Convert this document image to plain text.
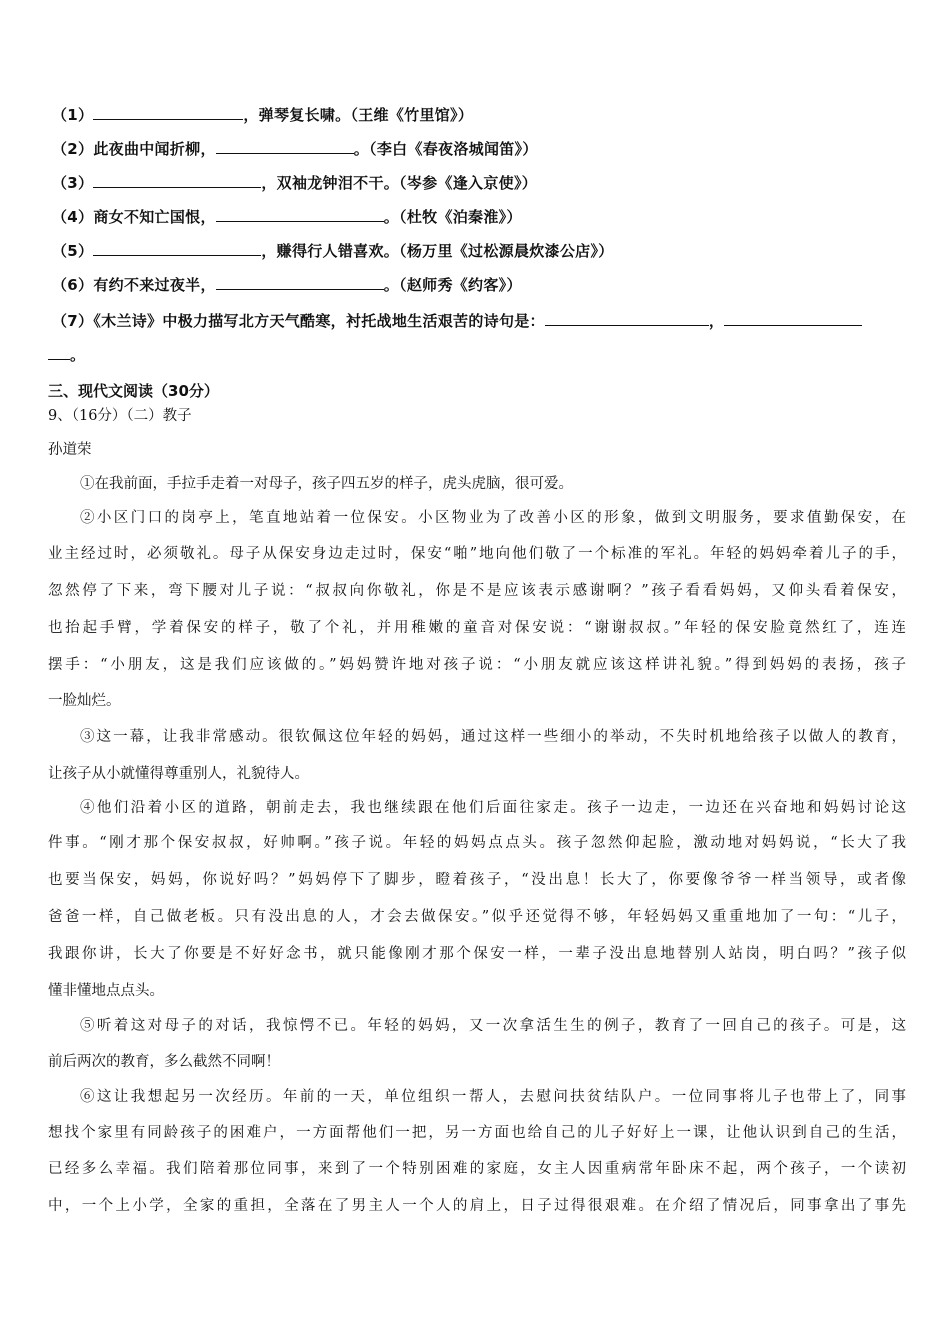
（1）	，弹琴复长啸。（王维《竹里馆》）
（2）此夜曲中闻折柳，	。（李白《春夜洛城闻笛》）
（3）	，双袖龙钟泪不干。（岑参《逢入京使》）
（4）商女不知亡国恨，	。（杜牧《泊秦淮》）
（5）	，赚得行人错喜欢。（杨万里《过松源晨炊漆公店》）
（6）有约不来过夜半，	。（赵师秀《约客》）
（7）《木兰诗》中极力描写北方天气酷寒，衬托战地生活艰苦的诗句是：	，
。
三、现代文阅读（30分）
9、（16分）（二）教子
孙道荣
①在我前面，手拉手走着一对母子，孩子四五岁的样子，虎头虎脑，很可爱。
②小区门口的岗亭上，笔直地站着一位保安。小区物业为了改善小区的形象，做到文明服务，要求值勤保安，在
业主经过时，必须敬礼。母子从保安身边走过时，保安“啪”地向他们敬了一个标准的军礼。年轻的妈妈牵着儿子的手，
忽然停了下来，弯下腰对儿子说：“叔叔向你敬礼，你是不是应该表示感谢啊？”孩子看看妈妈，又仰头看着保安，
也抬起手臂，学着保安的样子，敬了个礼，并用稚嫩的童音对保安说：“谢谢叔叔。”年轻的保安脸竟然红了，连连
摆手：“小朋友，这是我们应该做的。”妈妈赞许地对孩子说：“小朋友就应该这样讲礼貌。”得到妈妈的表扬，孩子
一脸灿烂。
③这一幕，让我非常感动。很钦佩这位年轻的妈妈，通过这样一些细小的举动，不失时机地给孩子以做人的教育，
让孩子从小就懂得尊重别人，礼貌待人。
④他们沿着小区的道路，朝前走去，我也继续跟在他们后面往家走。孩子一边走，一边还在兴奋地和妈妈讨论这
件事。“刚才那个保安叔叔，好帅啊。”孩子说。年轻的妈妈点点头。孩子忽然仰起脸，激动地对妈妈说，“长大了我
也要当保安，妈妈，你说好吗？”妈妈停下了脚步，瞪着孩子，“没出息！长大了，你要像爷爷一样当领导，或者像
爸爸一样，自己做老板。只有没出息的人，才会去做保安。”似乎还觉得不够，年轻妈妈又重重地加了一句：“儿子，
我跟你讲，长大了你要是不好好念书，就只能像刚才那个保安一样，一辈子没出息地替别人站岗，明白吗？”孩子似
懂非懂地点点头。
⑤听着这对母子的对话，我惊愕不已。年轻的妈妈，又一次拿活生生的例子，教育了一回自己的孩子。可是，这
前后两次的教育，多么截然不同啊！
⑥这让我想起另一次经历。年前的一天，单位组织一帮人，去慰问扶贫结队户。一位同事将儿子也带上了，同事
想找个家里有同龄孩子的困难户，一方面帮他们一把，另一方面也给自己的儿子好好上一课，让他认识到自己的生活，
已经多么幸福。我们陪着那位同事，来到了一个特别困难的家庭，女主人因重病常年卧床不起，两个孩子，一个读初
中，一个上小学，全家的重担，全落在了男主人一个人的肩上，日子过得很艰难。在介绍了情况后，同事拿出了事先
